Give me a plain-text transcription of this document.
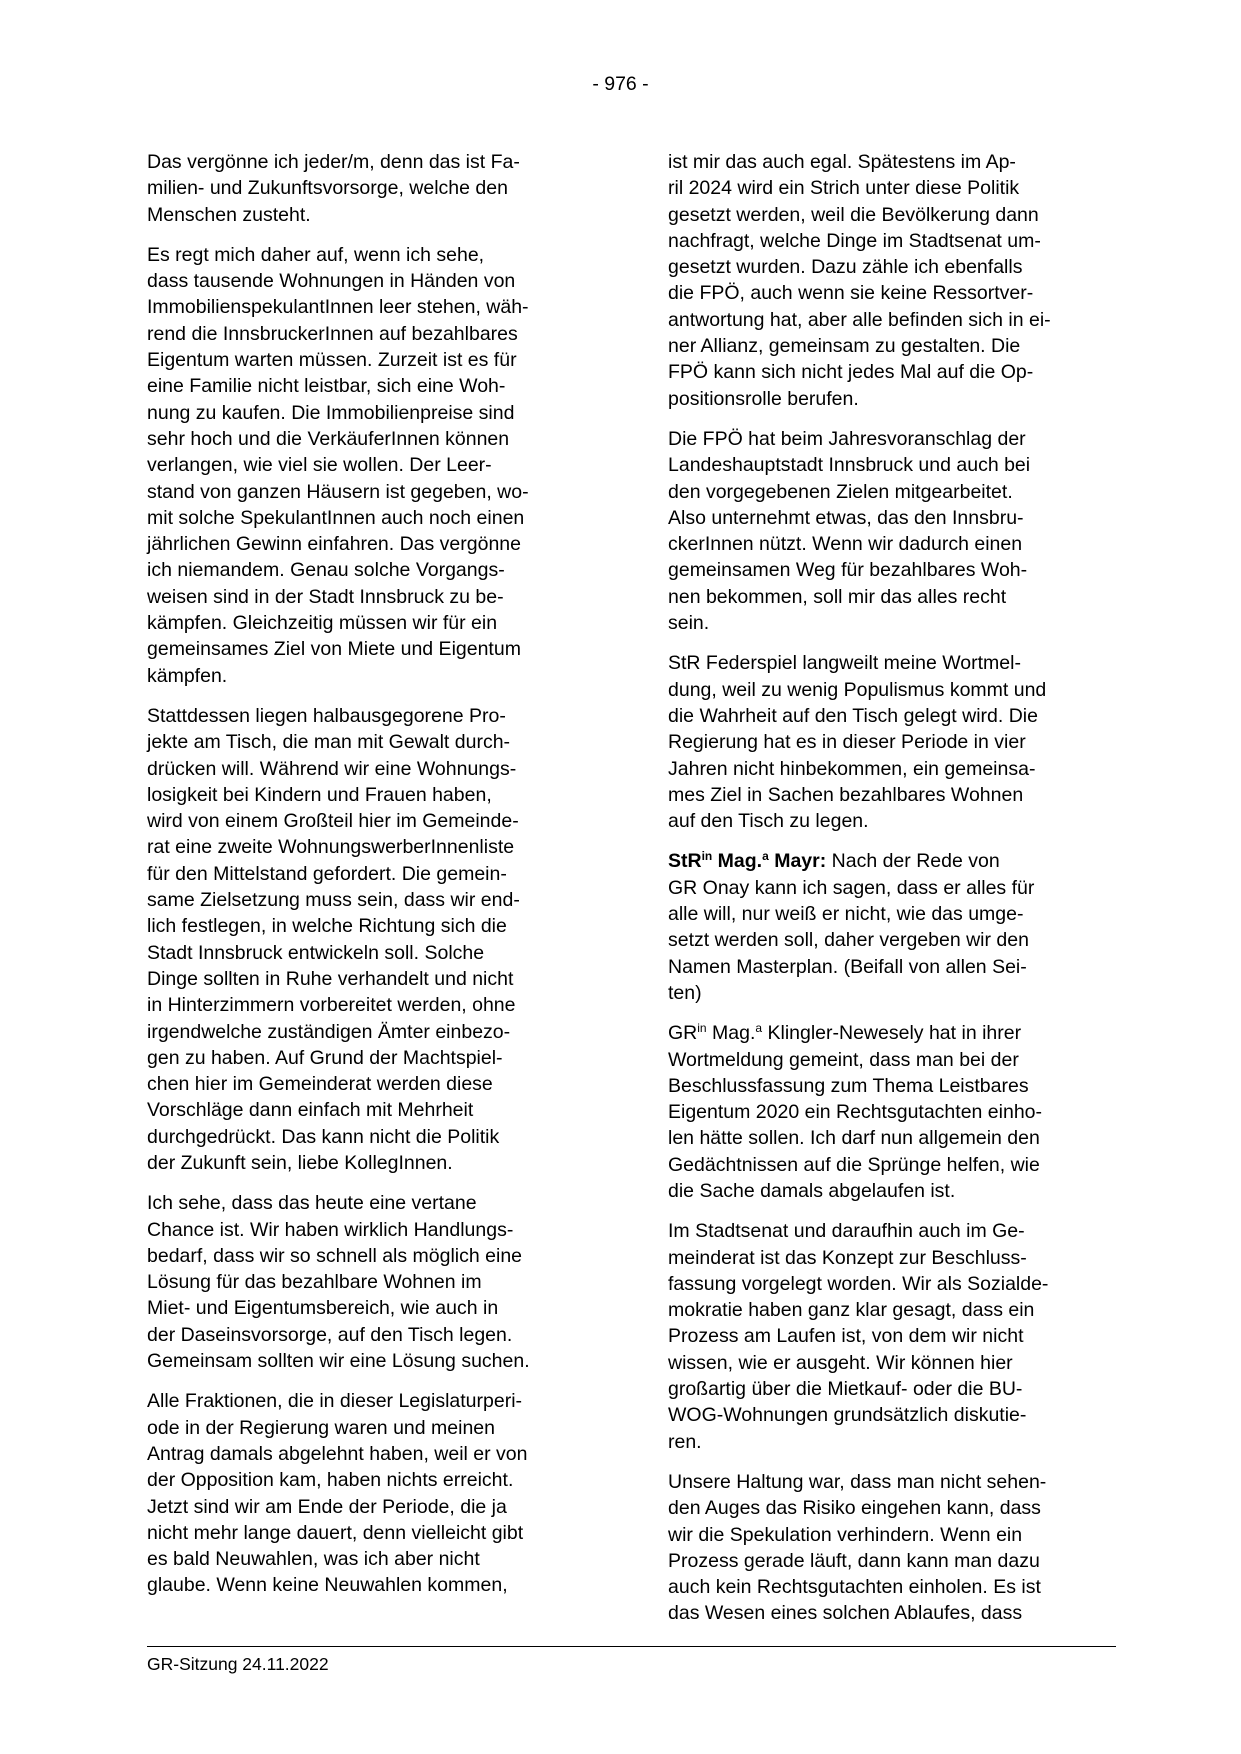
- 976 -

Das vergönne ich jeder/m, denn das ist Fa-
milien- und Zukunftsvorsorge, welche den
Menschen zusteht.

Es regt mich daher auf, wenn ich sehe,
dass tausende Wohnungen in Händen von
ImmobilienspekulantInnen leer stehen, wäh-
rend die InnsbruckerInnen auf bezahlbares
Eigentum warten müssen. Zurzeit ist es für
eine Familie nicht leistbar, sich eine Woh-
nung zu kaufen. Die Immobilienpreise sind
sehr hoch und die VerkäuferInnen können
verlangen, wie viel sie wollen. Der Leer-
stand von ganzen Häusern ist gegeben, wo-
mit solche SpekulantInnen auch noch einen
jährlichen Gewinn einfahren. Das vergönne
ich niemandem. Genau solche Vorgangs-
weisen sind in der Stadt Innsbruck zu be-
kämpfen. Gleichzeitig müssen wir für ein
gemeinsames Ziel von Miete und Eigentum
kämpfen.

Stattdessen liegen halbausgegorene Pro-
jekte am Tisch, die man mit Gewalt durch-
drücken will. Während wir eine Wohnungs-
losigkeit bei Kindern und Frauen haben,
wird von einem Großteil hier im Gemeinde-
rat eine zweite WohnungswerberInnenliste
für den Mittelstand gefordert. Die gemein-
same Zielsetzung muss sein, dass wir end-
lich festlegen, in welche Richtung sich die
Stadt Innsbruck entwickeln soll. Solche
Dinge sollten in Ruhe verhandelt und nicht
in Hinterzimmern vorbereitet werden, ohne
irgendwelche zuständigen Ämter einbezo-
gen zu haben. Auf Grund der Machtspiel-
chen hier im Gemeinderat werden diese
Vorschläge dann einfach mit Mehrheit
durchgedrückt. Das kann nicht die Politik
der Zukunft sein, liebe KollegInnen.

Ich sehe, dass das heute eine vertane
Chance ist. Wir haben wirklich Handlungs-
bedarf, dass wir so schnell als möglich eine
Lösung für das bezahlbare Wohnen im
Miet- und Eigentumsbereich, wie auch in
der Daseinsvorsorge, auf den Tisch legen.
Gemeinsam sollten wir eine Lösung suchen.

Alle Fraktionen, die in dieser Legislaturperi-
ode in der Regierung waren und meinen
Antrag damals abgelehnt haben, weil er von
der Opposition kam, haben nichts erreicht.
Jetzt sind wir am Ende der Periode, die ja
nicht mehr lange dauert, denn vielleicht gibt
es bald Neuwahlen, was ich aber nicht
glaube. Wenn keine Neuwahlen kommen,

ist mir das auch egal. Spätestens im Ap-
ril 2024 wird ein Strich unter diese Politik
gesetzt werden, weil die Bevölkerung dann
nachfragt, welche Dinge im Stadtsenat um-
gesetzt wurden. Dazu zähle ich ebenfalls
die FPÖ, auch wenn sie keine Ressortver-
antwortung hat, aber alle befinden sich in ei-
ner Allianz, gemeinsam zu gestalten. Die
FPÖ kann sich nicht jedes Mal auf die Op-
positionsrolle berufen.

Die FPÖ hat beim Jahresvoranschlag der
Landeshauptstadt Innsbruck und auch bei
den vorgegebenen Zielen mitgearbeitet.
Also unternehmt etwas, das den Innsbru-
ckerInnen nützt. Wenn wir dadurch einen
gemeinsamen Weg für bezahlbares Woh-
nen bekommen, soll mir das alles recht
sein.

StR Federspiel langweilt meine Wortmel-
dung, weil zu wenig Populismus kommt und
die Wahrheit auf den Tisch gelegt wird. Die
Regierung hat es in dieser Periode in vier
Jahren nicht hinbekommen, ein gemeinsa-
mes Ziel in Sachen bezahlbares Wohnen
auf den Tisch zu legen.

StR$^{in}$ Mag.$^a$ Mayr: Nach der Rede von
GR Onay kann ich sagen, dass er alles für
alle will, nur weiß er nicht, wie das umge-
setzt werden soll, daher vergeben wir den
Namen Masterplan. (Beifall von allen Sei-
ten)

$GR^{in}$ Mag.$^a$ Klingler-Newesely hat in ihrer
Wortmeldung gemeint, dass man bei der
Beschlussfassung zum Thema Leistbares
Eigentum 2020 ein Rechtsgutachten einho-
len hätte sollen. Ich darf nun allgemein den
Gedächtnissen auf die Sprünge helfen, wie
die Sache damals abgelaufen ist.

Im Stadtsenat und daraufhin auch im Ge-
meinderat ist das Konzept zur Beschluss-
fassung vorgelegt worden. Wir als Sozialde-
mokratie haben ganz klar gesagt, dass ein
Prozess am Laufen ist, von dem wir nicht
wissen, wie er ausgeht. Wir können hier
großartig über die Mietkauf- oder die BU-
WOG-Wohnungen grundsätzlich diskutie-
ren.

Unsere Haltung war, dass man nicht sehen-
den Auges das Risiko eingehen kann, dass
wir die Spekulation verhindern. Wenn ein
Prozess gerade läuft, dann kann man dazu
auch kein Rechtsgutachten einholen. Es ist
das Wesen eines solchen Ablaufes, dass

GR-Sitzung 24.11.2022
